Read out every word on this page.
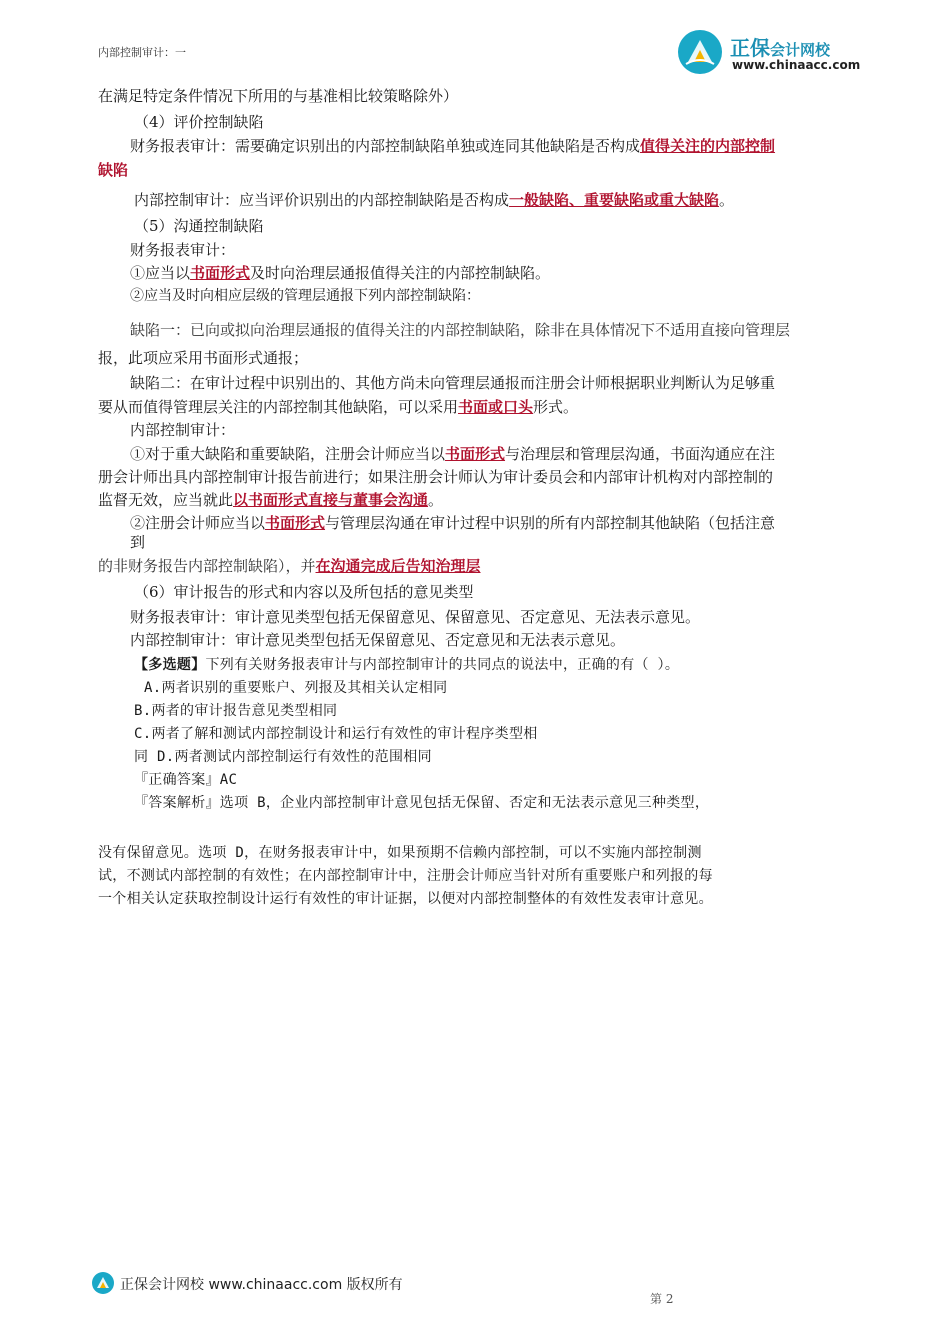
正保会计网校
www.chinaacc.com
内部控制审计：一
在满足特定条件情况下所用的与基准相比较策略除外）
（4）评价控制缺陷
财务报表审计：需要确定识别出的内部控制缺陷单独或连同其他缺陷是否构成值得关注的内部控制
缺陷
内部控制审计：应当评价识别出的内部控制缺陷是否构成一般缺陷、重要缺陷或重大缺陷。
（5）沟通控制缺陷
财务报表审计：
①应当以书面形式及时向治理层通报值得关注的内部控制缺陷。
②应当及时向相应层级的管理层通报下列内部控制缺陷：
缺陷一：已向或拟向治理层通报的值得关注的内部控制缺陷，除非在具体情况下不适用直接向管理层
报，此项应采用书面形式通报；
缺陷二：在审计过程中识别出的、其他方尚未向管理层通报而注册会计师根据职业判断认为足够重
要从而值得管理层关注的内部控制其他缺陷，可以采用书面或口头形式。
内部控制审计：
①对于重大缺陷和重要缺陷，注册会计师应当以书面形式与治理层和管理层沟通，书面沟通应在注
册会计师出具内部控制审计报告前进行；如果注册会计师认为审计委员会和内部审计机构对内部控制的
监督无效，应当就此以书面形式直接与董事会沟通。
②注册会计师应当以书面形式与管理层沟通在审计过程中识别的所有内部控制其他缺陷（包括注意
到
的非财务报告内部控制缺陷），并在沟通完成后告知治理层
（6）审计报告的形式和内容以及所包括的意见类型
财务报表审计：审计意见类型包括无保留意见、保留意见、否定意见、无法表示意见。
内部控制审计：审计意见类型包括无保留意见、否定意见和无法表示意见。
【多选题】下列有关财务报表审计与内部控制审计的共同点的说法中，正确的有（ ）。
A.两者识别的重要账户、列报及其相关认定相同
B.两者的审计报告意见类型相同
C.两者了解和测试内部控制设计和运行有效性的审计程序类型相
同 D.两者测试内部控制运行有效性的范围相同
『正确答案』AC
『答案解析』选项 B，企业内部控制审计意见包括无保留、否定和无法表示意见三种类型，
没有保留意见。选项 D，在财务报表审计中，如果预期不信赖内部控制，可以不实施内部控制测
试，不测试内部控制的有效性；在内部控制审计中，注册会计师应当针对所有重要账户和列报的每
一个相关认定获取控制设计运行有效性的审计证据，以便对内部控制整体的有效性发表审计意见。
正保会计网校 www.chinaacc.com 版权所有
第 2
